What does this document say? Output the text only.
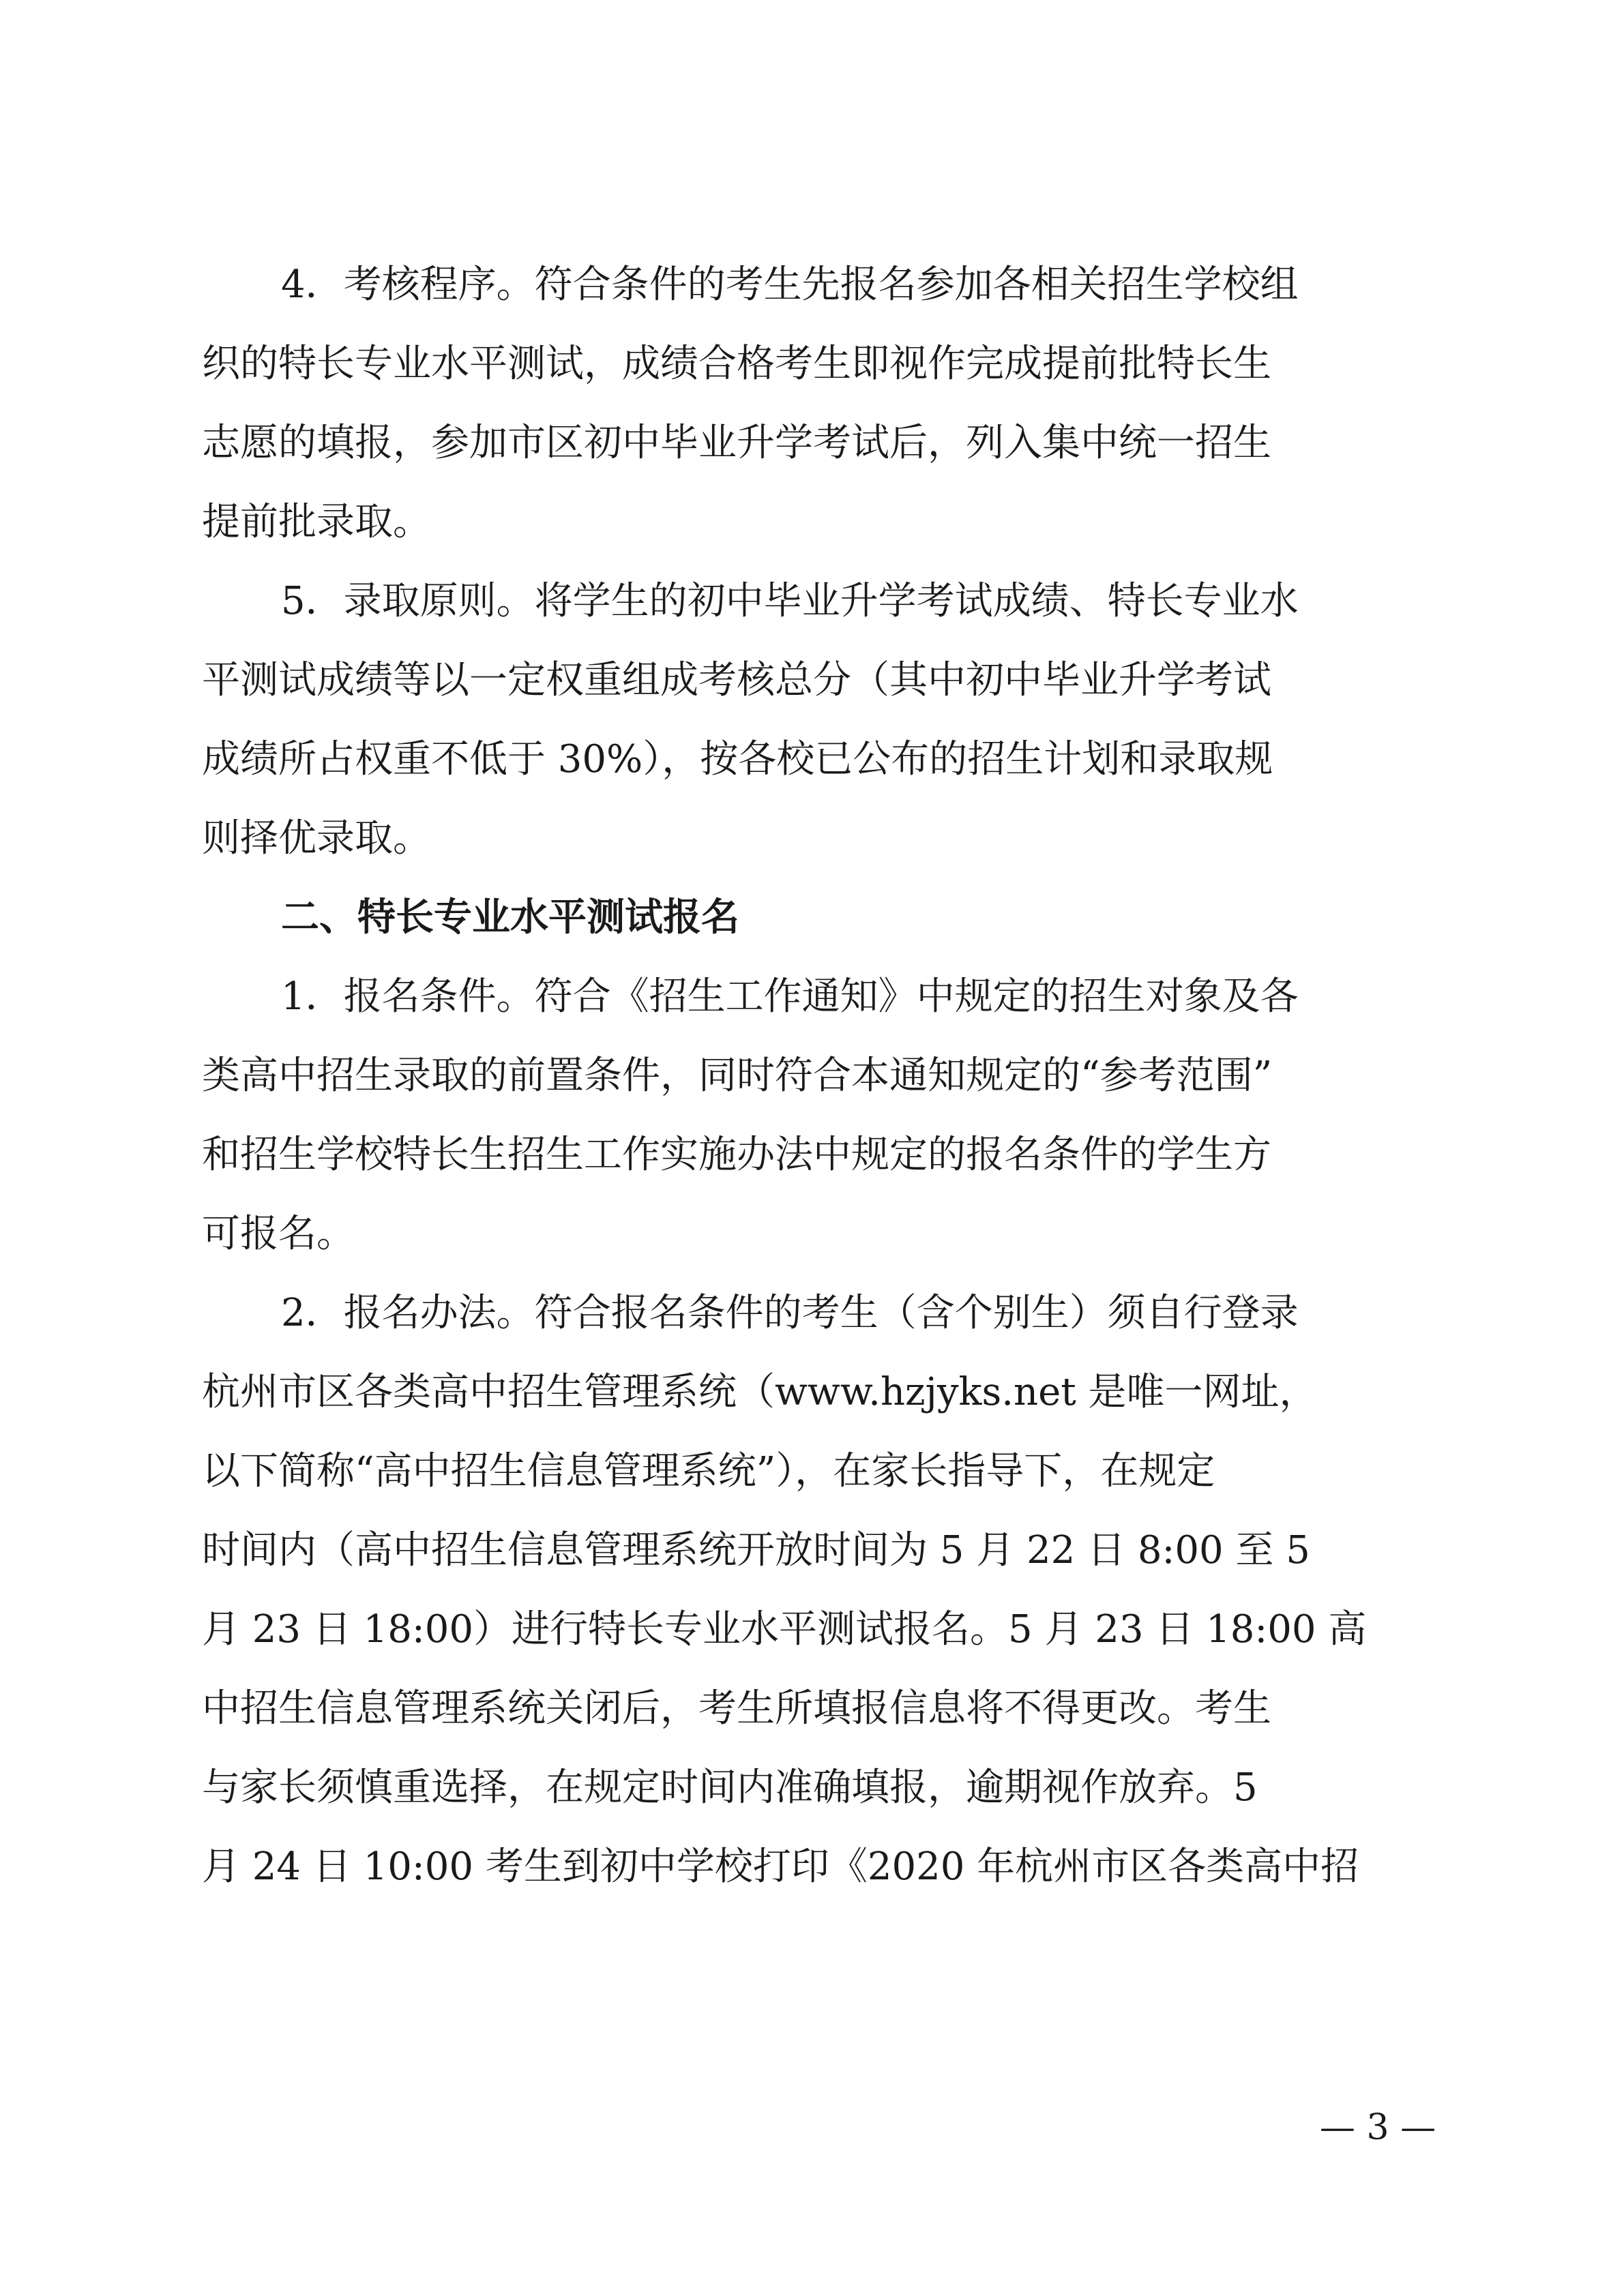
4．考核程序。符合条件的考生先报名参加各相关招生学校组
织的特长专业水平测试，成绩合格考生即视作完成提前批特长生
志愿的填报，参加市区初中毕业升学考试后，列入集中统一招生
提前批录取。
5．录取原则。将学生的初中毕业升学考试成绩、特长专业水
平测试成绩等以一定权重组成考核总分（其中初中毕业升学考试
成绩所占权重不低于 30%），按各校已公布的招生计划和录取规
则择优录取。
二、特长专业水平测试报名
1．报名条件。符合《招生工作通知》中规定的招生对象及各
类高中招生录取的前置条件，同时符合本通知规定的“参考范围”
和招生学校特长生招生工作实施办法中规定的报名条件的学生方
可报名。
2．报名办法。符合报名条件的考生（含个别生）须自行登录
杭州市区各类高中招生管理系统（www.hzjyks.net 是唯一网址，
以下简称“高中招生信息管理系统”），在家长指导下，在规定
时间内（高中招生信息管理系统开放时间为 5 月 22 日 8:00 至 5
月 23 日 18:00）进行特长专业水平测试报名。5 月 23 日 18:00 高
中招生信息管理系统关闭后，考生所填报信息将不得更改。考生
与家长须慎重选择，在规定时间内准确填报，逾期视作放弃。5
月 24 日 10:00 考生到初中学校打印《2020 年杭州市区各类高中招
— 3 —
